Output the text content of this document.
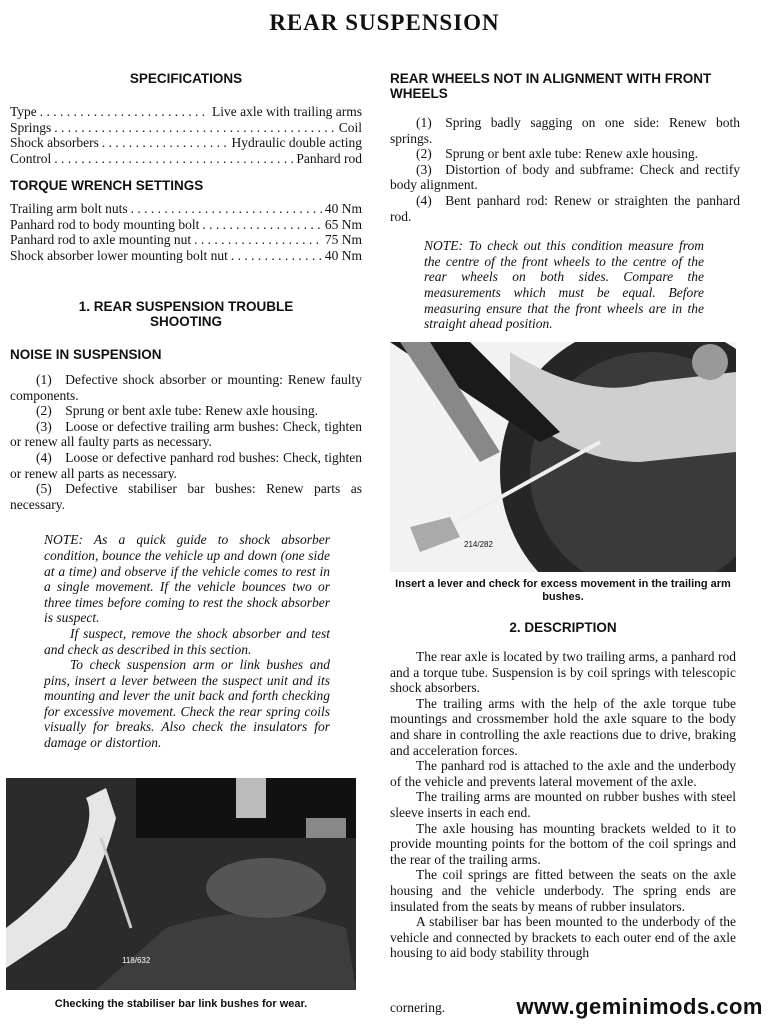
REAR SUSPENSION
SPECIFICATIONS
Type . . .	Live axle with trailing arms
Springs . . .	Coil
Shock absorbers . . .	Hydraulic double acting
Control . . .	Panhard rod
TORQUE WRENCH SETTINGS
Trailing arm bolt nuts . . .	40 Nm
Panhard rod to body mounting bolt . . .	65 Nm
Panhard rod to axle mounting nut . . .	75 Nm
Shock absorber lower mounting bolt nut . . .	40 Nm
1. REAR SUSPENSION TROUBLE
SHOOTING
NOISE IN SUSPENSION

(1) Defective shock absorber or mounting: Renew faulty components.

(2) Sprung or bent axle tube: Renew axle housing.

(3) Loose or defective trailing arm bushes: Check, tighten or renew all faulty parts as necessary.

(4) Loose or defective panhard rod bushes: Check, tighten or renew all parts as necessary.

(5) Defective stabiliser bar bushes: Renew parts as necessary.

NOTE: As a quick guide to shock absorber condition, bounce the vehicle up and down (one side at a time) and observe if the vehicle comes to rest in a single movement. If the vehicle bounces two or three times before coming to rest the shock absorber is suspect.

If suspect, remove the shock absorber and test and check as described in this section.

To check suspension arm or link bushes and pins, insert a lever between the suspect unit and its mounting and lever the unit back and forth checking for excessive movement. Check the rear spring coils visually for breaks. Also check the insulators for damage or distortion.

118/632
Checking the stabiliser bar link bushes for wear.
REAR WHEELS NOT IN ALIGNMENT WITH FRONT WHEELS

(1) Spring badly sagging on one side: Renew both springs.

(2) Sprung or bent axle tube: Renew axle housing.

(3) Distortion of body and subframe: Check and rectify body alignment.

(4) Bent panhard rod: Renew or straighten the panhard rod.

NOTE: To check out this condition measure from the centre of the front wheels to the centre of the rear wheels on both sides. Compare the measurements which must be equal. Before measuring ensure that the front wheels are in the straight ahead position.

214/282
Insert a lever and check for excess movement in the trailing arm bushes.
2. DESCRIPTION

The rear axle is located by two trailing arms, a panhard rod and a torque tube. Suspension is by coil springs with telescopic shock absorbers.

The trailing arms with the help of the axle torque tube mountings and crossmember hold the axle square to the body and share in controlling the axle reactions due to drive, braking and acceleration forces.

The panhard rod is attached to the axle and the underbody of the vehicle and prevents lateral movement of the axle.

The trailing arms are mounted on rubber bushes with steel sleeve inserts in each end.

The axle housing has mounting brackets welded to it to provide mounting points for the bottom of the coil springs and the rear of the trailing arms.

The coil springs are fitted between the seats on the axle housing and the vehicle underbody. The spring ends are insulated from the seats by means of rubber insulators.

A stabiliser bar has been mounted to the underbody of the vehicle and connected by brackets to each outer end of the axle housing to aid body stability through

cornering.	www.geminimods.com
